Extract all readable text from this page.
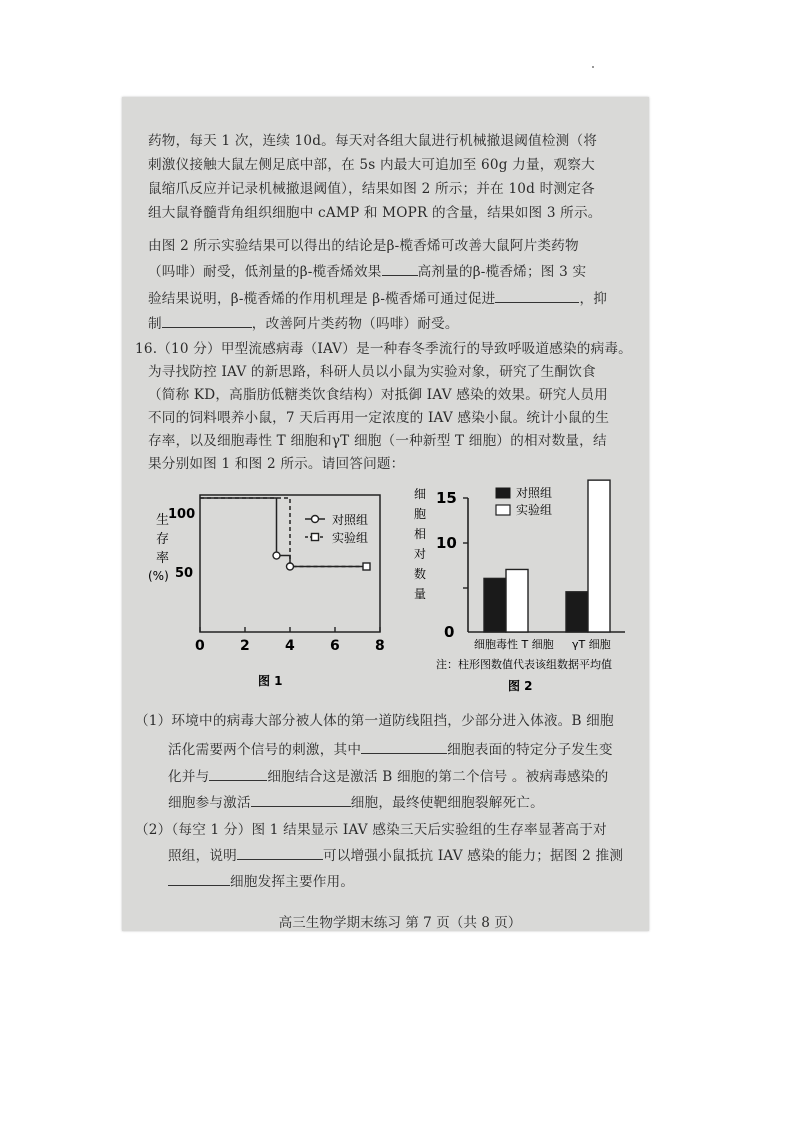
药物，每天 1 次，连续 10d。每天对各组大鼠进行机械撤退阈值检测（将
刺激仪接触大鼠左侧足底中部，在 5s 内最大可追加至 60g 力量，观察大
鼠缩爪反应并记录机械撤退阈值），结果如图 2 所示；并在 10d 时测定各
组大鼠脊髓背角组织细胞中 cAMP 和 MOPR 的含量，结果如图 3 所示。
由图 2 所示实验结果可以得出的结论是β-榄香烯可改善大鼠阿片类药物
（吗啡）耐受，低剂量的β-榄香烯效果	高剂量的β-榄香烯；图 3 实
验结果说明，β-榄香烯的作用机理是 β-榄香烯可通过促进	，抑
制	，改善阿片类药物（吗啡）耐受。
16.（10 分）甲型流感病毒（IAV）是一种春冬季流行的导致呼吸道感染的病毒。
为寻找防控 IAV 的新思路，科研人员以小鼠为实验对象，研究了生酮饮食
（简称 KD，高脂肪低糖类饮食结构）对抵御 IAV 感染的效果。研究人员用
不同的饲料喂养小鼠，7 天后再用一定浓度的 IAV 感染小鼠。统计小鼠的生
存率，以及细胞毒性 T 细胞和γT 细胞（一种新型 T 细胞）的相对数量，结
果分别如图 1 和图 2 所示。请回答问题：
生
存
率
(%)
100
50
0	2	4	6	8
对照组
实验组
图 1
细
胞
相
对
数
量
15
10
0
对照组
实验组
细胞毒性 T 细胞 γT 细胞
注：柱形图数值代表该组数据平均值
图 2
（1）环境中的病毒大部分被人体的第一道防线阻挡，少部分进入体液。B 细胞
活化需要两个信号的刺激，其中	细胞表面的特定分子发生变
化并与	细胞结合这是激活 B 细胞的第二个信号 。被病毒感染的
细胞参与激活	细胞，最终使靶细胞裂解死亡。
（2）（每空 1 分）图 1 结果显示 IAV 感染三天后实验组的生存率显著高于对
照组，说明	可以增强小鼠抵抗 IAV 感染的能力；据图 2 推测
细胞发挥主要作用。
高三生物学期末练习 第 7 页（共 8 页）
